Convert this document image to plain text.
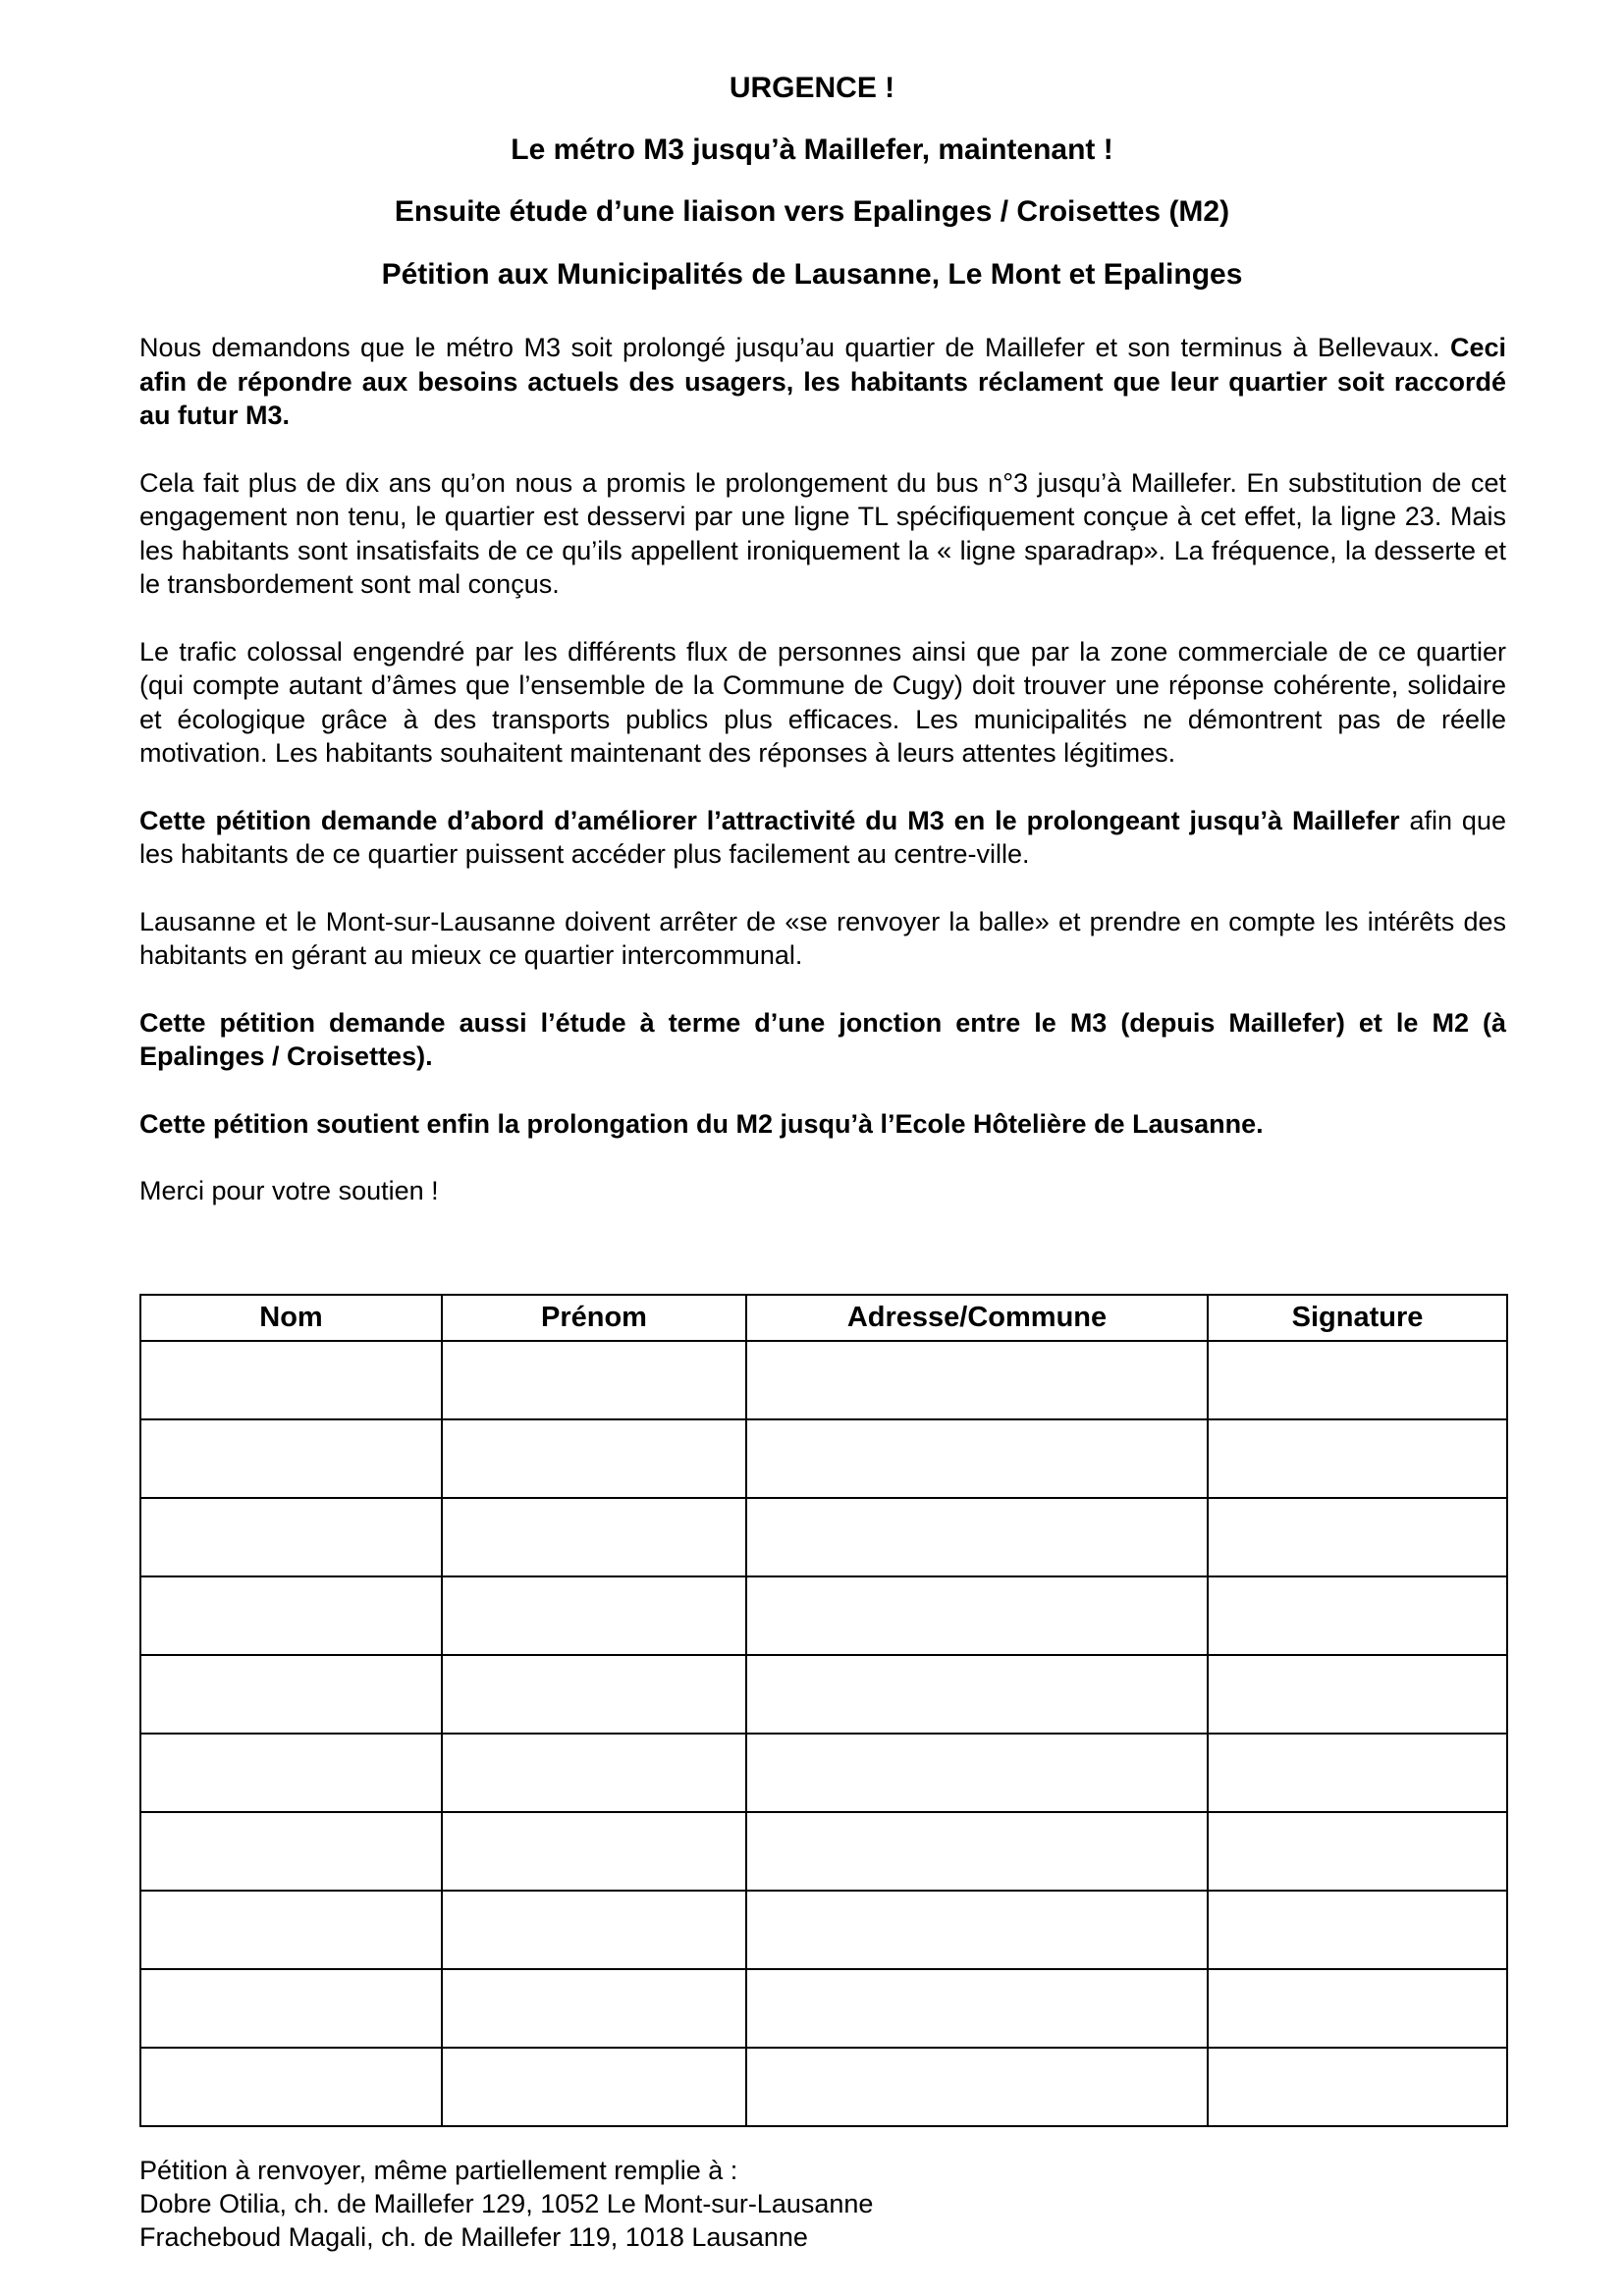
URGENCE !
Le métro M3 jusqu’à Maillefer, maintenant !
Ensuite étude d’une liaison vers Epalinges / Croisettes (M2)
Pétition aux Municipalités de Lausanne, Le Mont et Epalinges

Nous demandons que le métro M3 soit prolongé jusqu’au quartier de Maillefer et son terminus à Bellevaux. Ceci afin de répondre aux besoins actuels des usagers, les habitants réclament que leur quartier soit raccordé au futur M3.

Cela fait plus de dix ans qu’on nous a promis le prolongement du bus n°3 jusqu’à Maillefer. En substitution de cet engagement non tenu, le quartier est desservi par une ligne TL spécifiquement conçue à cet effet, la ligne 23. Mais les habitants sont insatisfaits de ce qu’ils appellent ironiquement la « ligne sparadrap». La fréquence, la desserte et le transbordement sont mal conçus.

Le trafic colossal engendré par les différents flux de personnes ainsi que par la zone commerciale de ce quartier (qui compte autant d’âmes que l’ensemble de la Commune de Cugy) doit trouver une réponse cohérente, solidaire et écologique grâce à des transports publics plus efficaces. Les municipalités ne démontrent pas de réelle motivation. Les habitants souhaitent maintenant des réponses à leurs attentes légitimes.

Cette pétition demande d’abord d’améliorer l’attractivité du M3 en le prolongeant jusqu’à Maillefer afin que les habitants de ce quartier puissent accéder plus facilement au centre-ville.

Lausanne et le Mont-sur-Lausanne doivent arrêter de «se renvoyer la balle» et prendre en compte les intérêts des habitants en gérant au mieux ce quartier intercommunal.

Cette pétition demande aussi l’étude à terme d’une jonction entre le M3 (depuis Maillefer) et le M2 (à Epalinges / Croisettes).

Cette pétition soutient enfin la prolongation du M2 jusqu’à l’Ecole Hôtelière de Lausanne.

Merci pour votre soutien !

Nom	Prénom	Adresse/Commune	Signature

Pétition à renvoyer, même partiellement remplie à :
Dobre Otilia, ch. de Maillefer 129, 1052 Le Mont-sur-Lausanne
Fracheboud Magali, ch. de Maillefer 119, 1018 Lausanne
